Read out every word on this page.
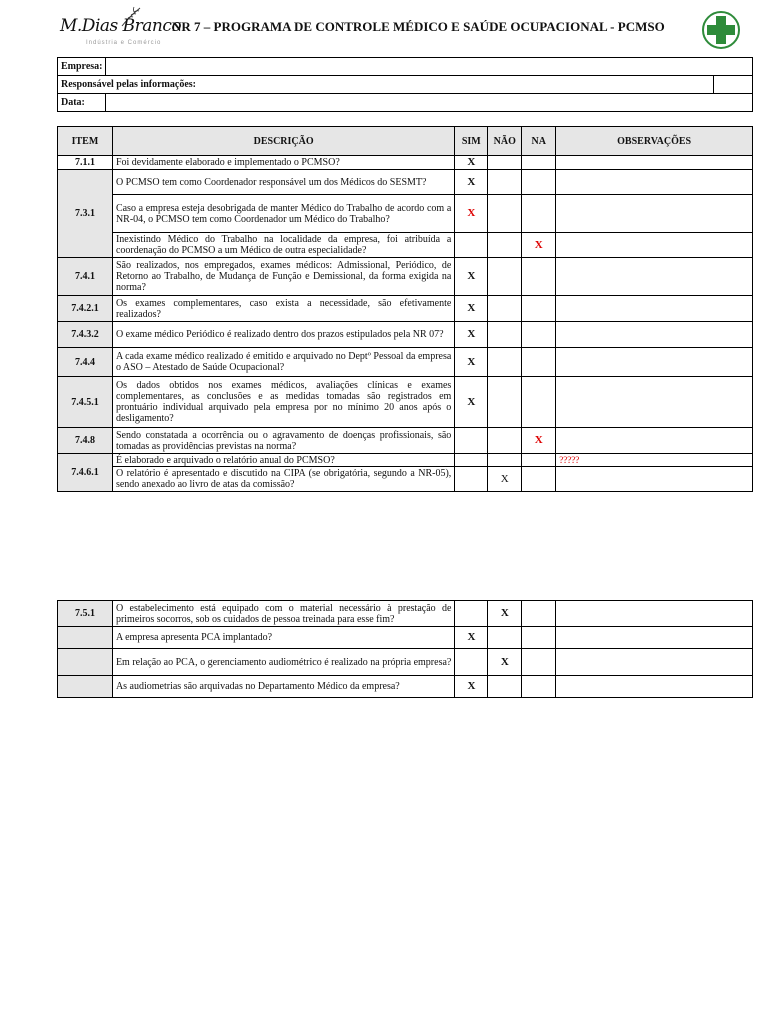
M.Dias Branco
Indústria e Comércio
NR 7 – PROGRAMA DE CONTROLE MÉDICO E SAÚDE OCUPACIONAL - PCMSO
Empresa:		
Responsável pelas informações:		
Data:		
ITEM	DESCRIÇÃO	SIM	NÃO	NA	OBSERVAÇÕES
7.1.1	Foi devidamente elaborado e implementado o PCMSO?	X			
7.3.1	O PCMSO tem como Coordenador responsável um dos Médicos do SESMT?	X			
	Caso a empresa esteja desobrigada de manter Médico do Trabalho de acordo com a NR-04, o PCMSO tem como Coordenador um Médico do Trabalho?	X			
	Inexistindo Médico do Trabalho na localidade da empresa, foi atribuída a coordenação do PCMSO a um Médico de outra especialidade?			X	
7.4.1	São realizados, nos empregados, exames médicos: Admissional, Periódico, de Retorno ao Trabalho, de Mudança de Função e Demissional, da forma exigida na norma?	X			
7.4.2.1	Os exames complementares, caso exista a necessidade, são efetivamente realizados?	X			
7.4.3.2	O exame médico Periódico é realizado dentro dos prazos estipulados pela NR 07?	X			
7.4.4	A cada exame médico realizado é emitido e arquivado no Deptº Pessoal da empresa o ASO – Atestado de Saúde Ocupacional?	X			
7.4.5.1	Os dados obtidos nos exames médicos, avaliações clínicas e exames complementares, as conclusões e as medidas tomadas são registrados em prontuário individual arquivado pela empresa por no mínimo 20 anos após o desligamento?	X			
7.4.8	Sendo constatada a ocorrência ou o agravamento de doenças profissionais, são tomadas as providências previstas na norma?			X	
7.4.6.1	É elaborado e arquivado o relatório anual do PCMSO?				?????
	O relatório é apresentado e discutido na CIPA (se obrigatória, segundo a NR-05), sendo anexado ao livro de atas da comissão?		X		
7.5.1	O estabelecimento está equipado com o material necessário à prestação de primeiros socorros, sob os cuidados de pessoa treinada para esse fim?		X		
	A empresa apresenta PCA implantado?	X			
	Em relação ao PCA, o gerenciamento audiométrico é realizado na própria empresa?		X		
	As audiometrias são arquivadas no Departamento Médico da empresa?	X			
